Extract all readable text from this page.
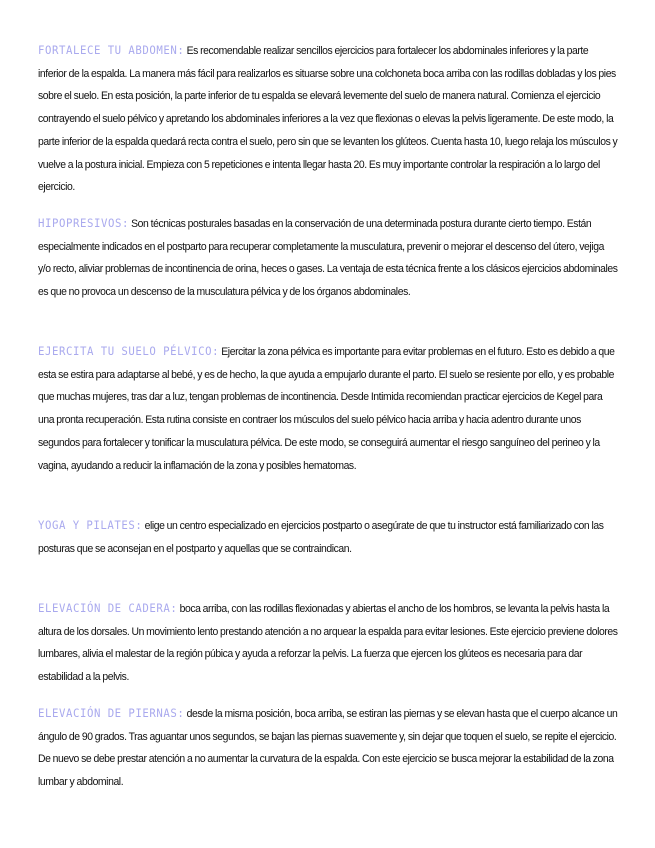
FORTALECE TU ABDOMEN: Es recomendable realizar sencillos ejercicios para fortalecer los abdominales inferiores y la parte inferior de la espalda. La manera más fácil para realizarlos es situarse sobre una colchoneta boca arriba con las rodillas dobladas y los pies sobre el suelo. En esta posición, la parte inferior de tu espalda se elevará levemente del suelo de manera natural. Comienza el ejercicio contrayendo el suelo pélvico y apretando los abdominales inferiores a la vez que flexionas o elevas la pelvis ligeramente. De este modo, la parte inferior de la espalda quedará recta contra el suelo, pero sin que se levanten los glúteos. Cuenta hasta 10, luego relaja los músculos y vuelve a la postura inicial. Empieza con 5 repeticiones e intenta llegar hasta 20. Es muy importante controlar la respiración a lo largo del ejercicio.

HIPOPRESIVOS: Son técnicas posturales basadas en la conservación de una determinada postura durante cierto tiempo. Están especialmente indicados en el postparto para recuperar completamente la musculatura, prevenir o mejorar el descenso del útero, vejiga y/o recto, aliviar problemas de incontinencia de orina, heces o gases. La ventaja de esta técnica frente a los clásicos ejercicios abdominales es que no provoca un descenso de la musculatura pélvica y de los órganos abdominales.

EJERCITA TU SUELO PÉLVICO: Ejercitar la zona pélvica es importante para evitar problemas en el futuro. Esto es debido a que esta se estira para adaptarse al bebé, y es de hecho, la que ayuda a empujarlo durante el parto. El suelo se resiente por ello, y es probable que muchas mujeres, tras dar a luz, tengan problemas de incontinencia. Desde Intimida recomiendan practicar ejercicios de Kegel para una pronta recuperación. Esta rutina consiste en contraer los músculos del suelo pélvico hacia arriba y hacia adentro durante unos segundos para fortalecer y tonificar la musculatura pélvica. De este modo, se conseguirá aumentar el riesgo sanguíneo del perineo y la vagina, ayudando a reducir la inflamación de la zona y posibles hematomas.

YOGA Y PILATES: elige un centro especializado en ejercicios postparto o asegúrate de que tu instructor está familiarizado con las posturas que se aconsejan en el postparto y aquellas que se contraindican.

ELEVACIÓN DE CADERA: boca arriba, con las rodillas flexionadas y abiertas el ancho de los hombros, se levanta la pelvis hasta la altura de los dorsales. Un movimiento lento prestando atención a no arquear la espalda para evitar lesiones. Este ejercicio previene dolores lumbares, alivia el malestar de la región púbica y ayuda a reforzar la pelvis. La fuerza que ejercen los glúteos es necesaria para dar estabilidad a la pelvis.

ELEVACIÓN DE PIERNAS: desde la misma posición, boca arriba, se estiran las piernas y se elevan hasta que el cuerpo alcance un ángulo de 90 grados. Tras aguantar unos segundos, se bajan las piernas suavemente y, sin dejar que toquen el suelo, se repite el ejercicio. De nuevo se debe prestar atención a no aumentar la curvatura de la espalda. Con este ejercicio se busca mejorar la estabilidad de la zona lumbar y abdominal.
